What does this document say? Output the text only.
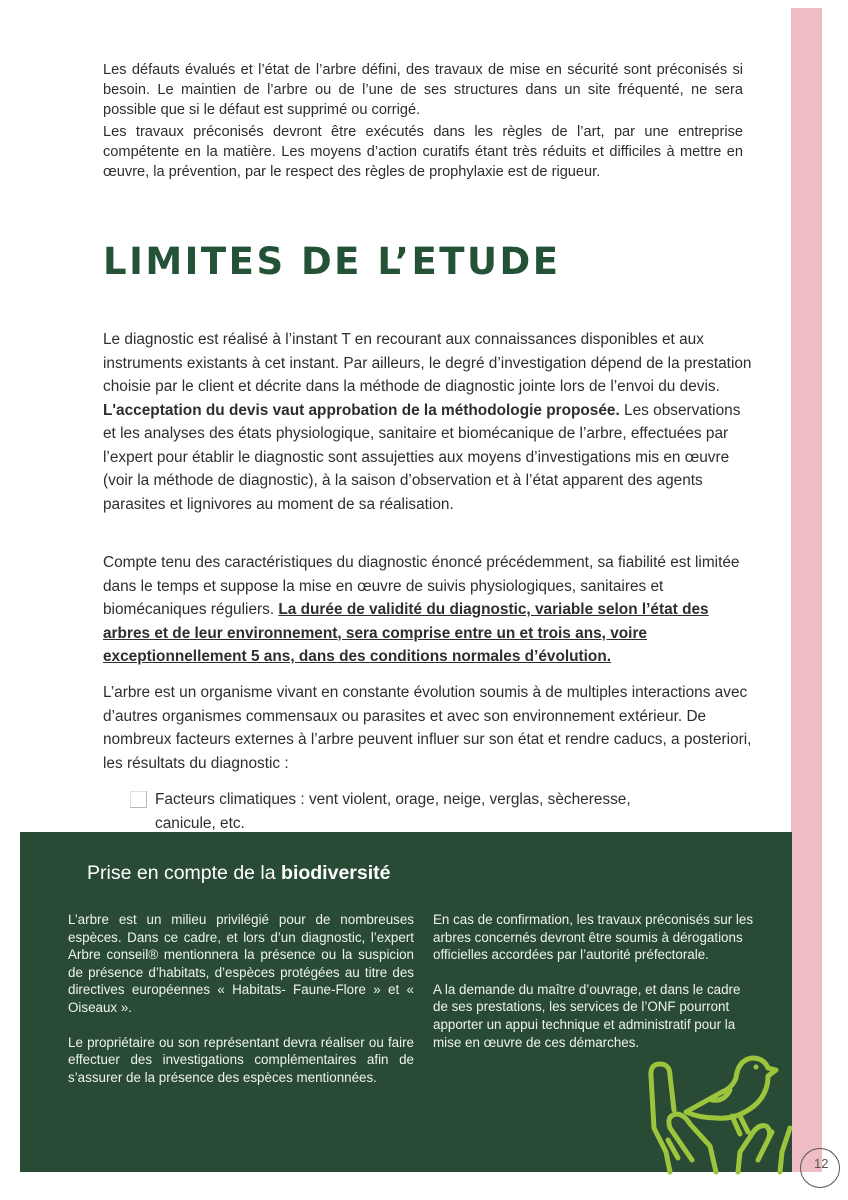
Les défauts évalués et l’état de l’arbre défini, des travaux de mise en sécurité sont préconisés si besoin. Le maintien de l’arbre ou de l’une de ses structures dans un site fréquenté, ne sera possible que si le défaut est supprimé ou corrigé.

Les travaux préconisés devront être exécutés dans les règles de l’art, par une entreprise compétente en la matière. Les moyens d’action curatifs étant très réduits et difficiles à mettre en œuvre, la prévention, par le respect des règles de prophylaxie est de rigueur.

LIMITES DE L’ETUDE

Le diagnostic est réalisé à l’instant T en recourant aux connaissances disponibles et aux instruments existants à cet instant. Par ailleurs, le degré d’investigation dépend de la prestation choisie par le client et décrite dans la méthode de diagnostic jointe lors de l’envoi du devis. L'acceptation du devis vaut approbation de la méthodologie proposée. Les observations et les analyses des états physiologique, sanitaire et biomécanique de l’arbre, effectuées par l’expert pour établir le diagnostic sont assujetties aux moyens d’investigations mis en œuvre (voir la méthode de diagnostic), à la saison d’observation et à l’état apparent des agents parasites et lignivores au moment de sa réalisation.

Compte tenu des caractéristiques du diagnostic énoncé précédemment, sa fiabilité est limitée dans le temps et suppose la mise en œuvre de suivis physiologiques, sanitaires et biomécaniques réguliers. La durée de validité du diagnostic, variable selon l’état des arbres et de leur environnement, sera comprise entre un et trois ans, voire exceptionnellement 5 ans, dans des conditions normales d’évolution.

L’arbre est un organisme vivant en constante évolution soumis à de multiples interactions avec d’autres organismes commensaux ou parasites et avec son environnement extérieur. De nombreux facteurs externes à l’arbre peuvent influer sur son état et rendre caducs, a posteriori, les résultats du diagnostic :

Facteurs climatiques : vent violent, orage, neige, verglas, sècheresse, canicule, etc.
Prise en compte de la biodiversité

L’arbre est un milieu privilégié pour de nombreuses espèces. Dans ce cadre, et lors d’un diagnostic, l’expert Arbre conseil® mentionnera la présence ou la suspicion de présence d’habitats, d’espèces protégées au titre des directives européennes « Habitats- Faune-Flore » et « Oiseaux ».

Le propriétaire ou son représentant devra réaliser ou faire effectuer des investigations complémentaires afin de s’assurer de la présence des espèces mentionnées.

En cas de confirmation, les travaux préconisés sur les arbres concernés devront être soumis à dérogations officielles accordées par l’autorité préfectorale.

A la demande du maître d’ouvrage, et dans le cadre de ses prestations, les services de l’ONF pourront apporter un appui technique et administratif pour la mise en œuvre de ces démarches.

12
